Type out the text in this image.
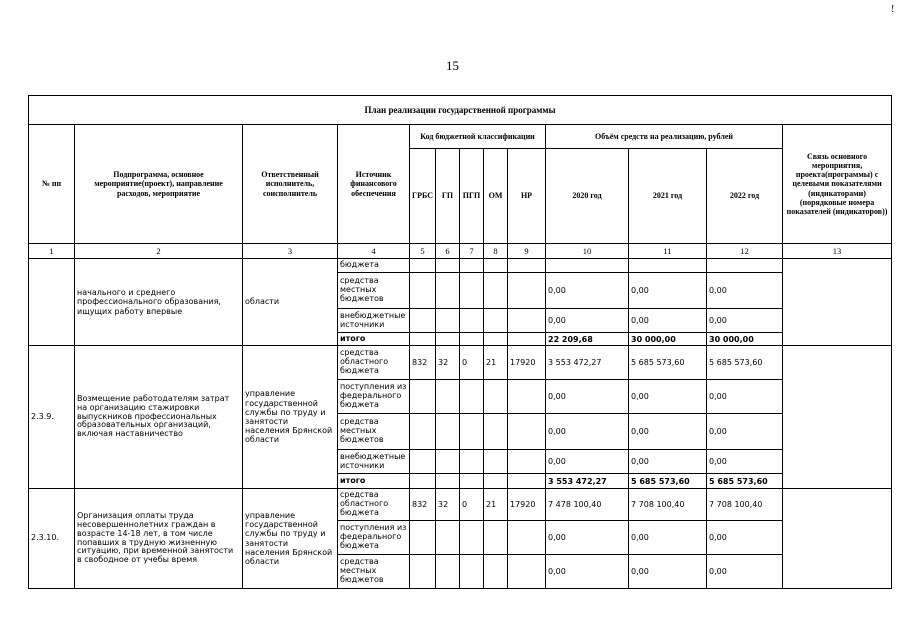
15
!
План реализации государственной программы												
№ пп	Подпрограмма, основное мероприятие(проект), направление расходов, мероприятие	Ответственный исполнитель, соисполнитель	Источник финансового обеспечения	Код бюджетной классификации					Объём средств на реализацию, рублей			Связь основного мероприятия, проекта(программы) с целевыми показателями (индикаторами) (порядковые номера показателей (индикаторов))
				ГРБС	ГП	ПГП	ОМ	НР	2020 год	2021 год	2022 год	
1	2	3	4	5	6	7	8	9	10	11	12	13
	начального и среднего профессионального образования, ищущих работу впервые	области	бюджета									
			средства местных бюджетов						0,00	0,00	0,00	
			внебюджетные источники						0,00	0,00	0,00	
			итого						22 209,68	30 000,00	30 000,00	
2.3.9.	Возмещение работодателям затрат на организацию стажировки выпускников профессиональных образовательных организаций, включая наставничество	управление государственной службы по труду и занятости населения Брянской области	средства областного бюджета	832	32	0	21	17920	3 553 472,27	5 685 573,60	5 685 573,60	
			поступления из федерального бюджета						0,00	0,00	0,00	
			средства местных бюджетов						0,00	0,00	0,00	
			внебюджетные источники						0,00	0,00	0,00	
			итого						3 553 472,27	5 685 573,60	5 685 573,60	
2.3.10.	Организация оплаты труда несовершеннолетних граждан в возрасте 14-18 лет, в том числе попавших в трудную жизненную ситуацию, при временной занятости в свободное от учебы время	управление государственной службы по труду и занятости населения Брянской области	средства областного бюджета	832	32	0	21	17920	7 478 100,40	7 708 100,40	7 708 100,40	
			поступления из федерального бюджета						0,00	0,00	0,00	
			средства местных бюджетов						0,00	0,00	0,00	
